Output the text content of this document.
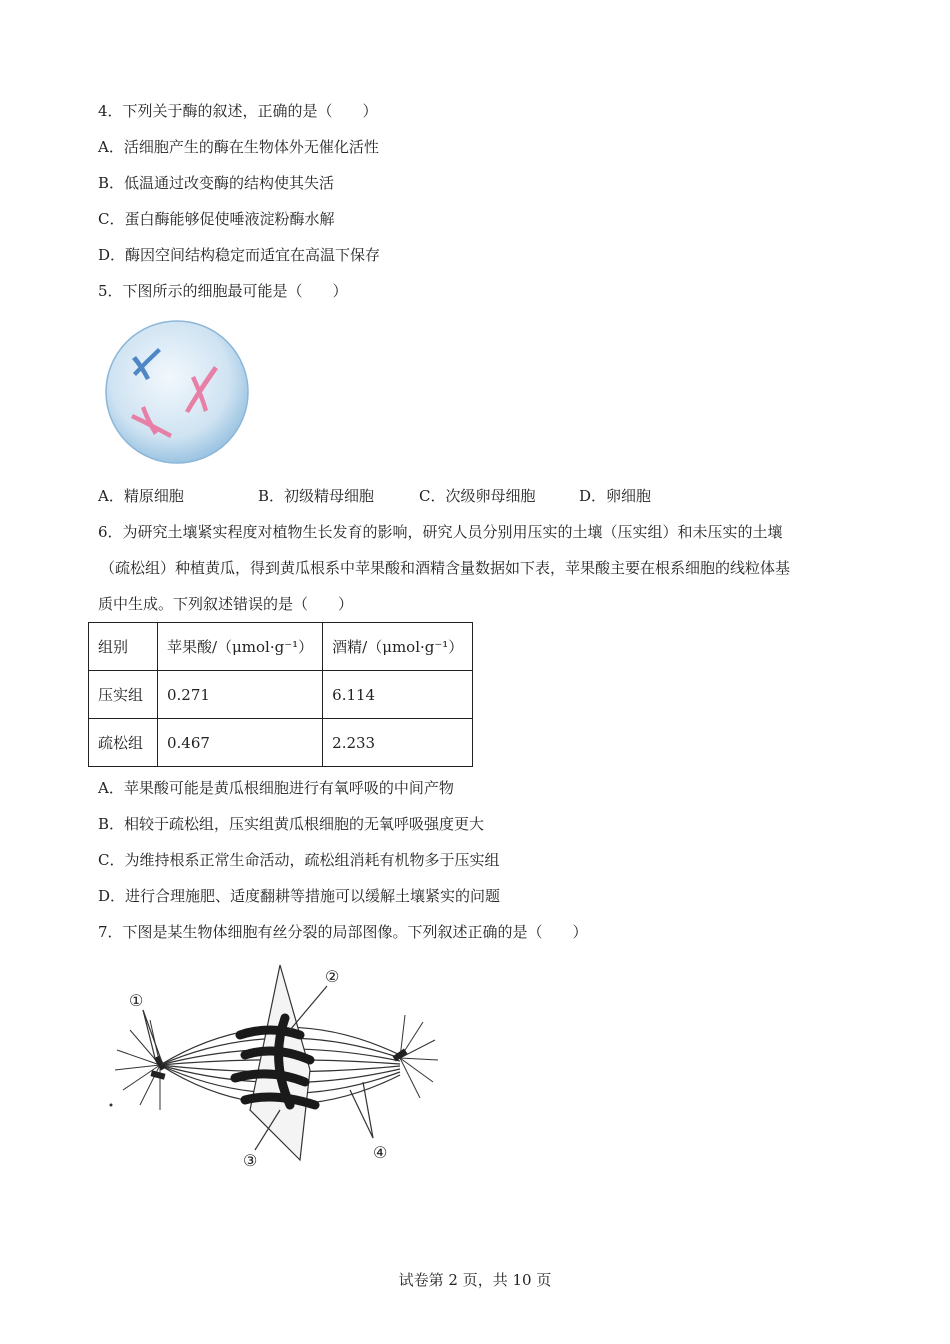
4．下列关于酶的叙述，正确的是（　　）
A．活细胞产生的酶在生物体外无催化活性
B．低温通过改变酶的结构使其失活
C．蛋白酶能够促使唾液淀粉酶水解
D．酶因空间结构稳定而适宜在高温下保存
5．下图所示的细胞最可能是（　　）
A．精原细胞	B．初级精母细胞	C．次级卵母细胞	D．卵细胞
6．为研究土壤紧实程度对植物生长发育的影响，研究人员分别用压实的土壤（压实组）和未压实的土壤
（疏松组）种植黄瓜，得到黄瓜根系中苹果酸和酒精含量数据如下表，苹果酸主要在根系细胞的线粒体基
质中生成。下列叙述错误的是（　　）
组别	苹果酸/（μmol·g⁻¹）	酒精/（μmol·g⁻¹）
压实组	0.271	6.114
疏松组	0.467	2.233
A．苹果酸可能是黄瓜根细胞进行有氧呼吸的中间产物
B．相较于疏松组，压实组黄瓜根细胞的无氧呼吸强度更大
C．为维持根系正常生命活动，疏松组消耗有机物多于压实组
D．进行合理施肥、适度翻耕等措施可以缓解土壤紧实的问题
7．下图是某生物体细胞有丝分裂的局部图像。下列叙述正确的是（　　）
①
②
③	④
试卷第 2 页，共 10 页
